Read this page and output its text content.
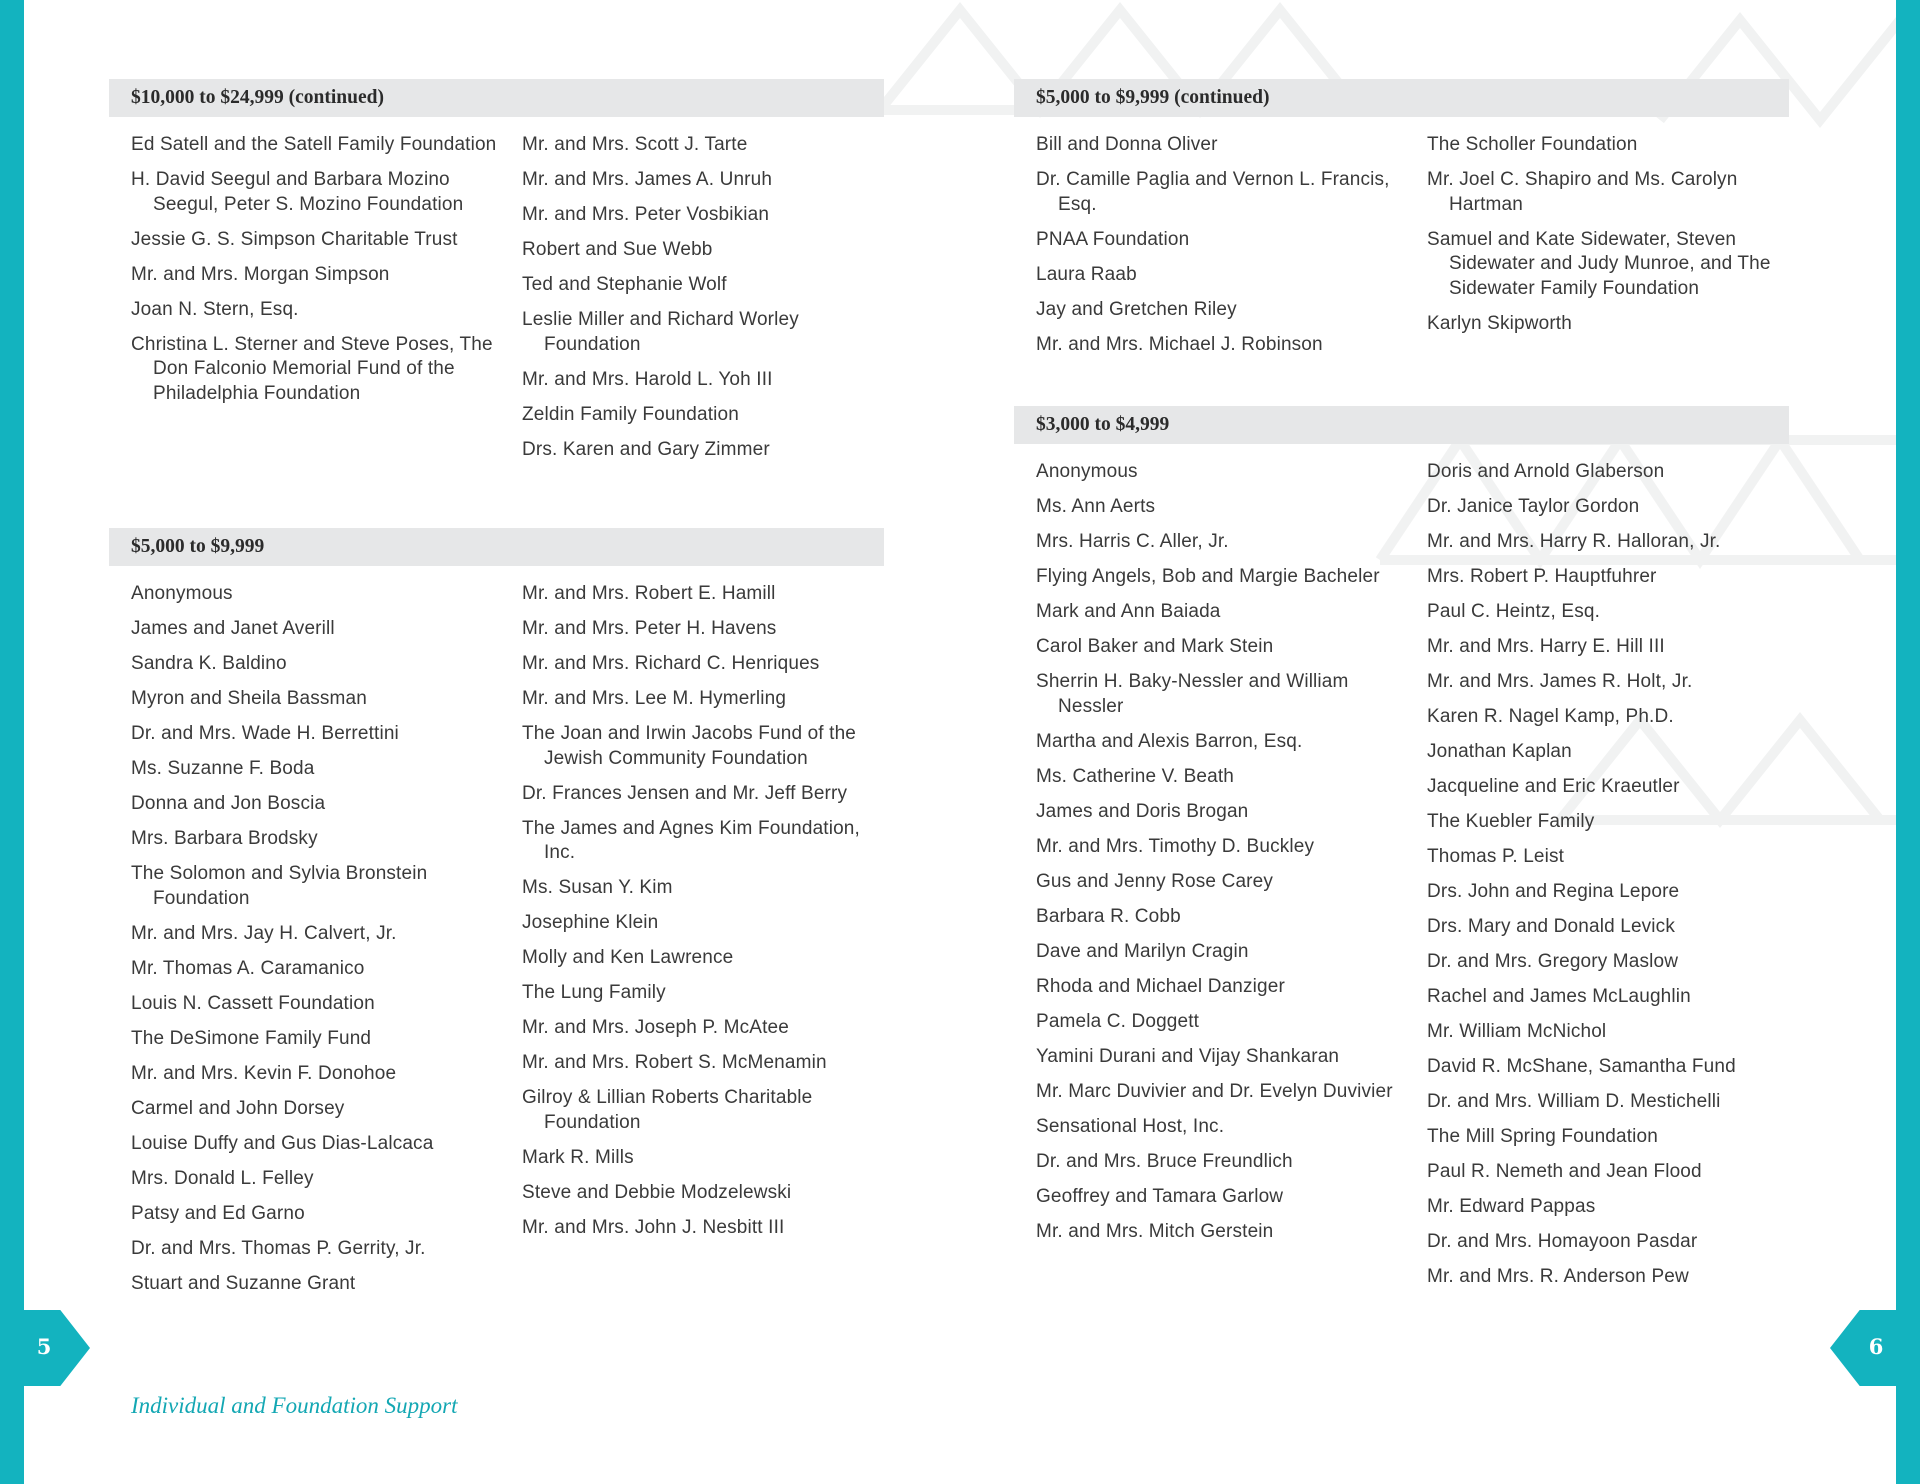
5	6
$10,000 to $24,999 (continued)
Ed Satell and the Satell Family Foundation
H. David Seegul and Barbara Mozino Seegul, Peter S. Mozino Foundation
Jessie G. S. Simpson Charitable Trust
Mr. and Mrs. Morgan Simpson
Joan N. Stern, Esq.
Christina L. Sterner and Steve Poses, The Don Falconio Memorial Fund of the Philadelphia Foundation
Mr. and Mrs. Scott J. Tarte
Mr. and Mrs. James A. Unruh
Mr. and Mrs. Peter Vosbikian
Robert and Sue Webb
Ted and Stephanie Wolf
Leslie Miller and Richard Worley Foundation
Mr. and Mrs. Harold L. Yoh III
Zeldin Family Foundation
Drs. Karen and Gary Zimmer
$5,000 to $9,999
Anonymous
James and Janet Averill
Sandra K. Baldino
Myron and Sheila Bassman
Dr. and Mrs. Wade H. Berrettini
Ms. Suzanne F. Boda
Donna and Jon Boscia
Mrs. Barbara Brodsky
The Solomon and Sylvia Bronstein Foundation
Mr. and Mrs. Jay H. Calvert, Jr.
Mr. Thomas A. Caramanico
Louis N. Cassett Foundation
The DeSimone Family Fund
Mr. and Mrs. Kevin F. Donohoe
Carmel and John Dorsey
Louise Duffy and Gus Dias-Lalcaca
Mrs. Donald L. Felley
Patsy and Ed Garno
Dr. and Mrs. Thomas P. Gerrity, Jr.
Stuart and Suzanne Grant
Mr. and Mrs. Robert E. Hamill
Mr. and Mrs. Peter H. Havens
Mr. and Mrs. Richard C. Henriques
Mr. and Mrs. Lee M. Hymerling
The Joan and Irwin Jacobs Fund of the Jewish Community Foundation
Dr. Frances Jensen and Mr. Jeff Berry
The James and Agnes Kim Foundation, Inc.
Ms. Susan Y. Kim
Josephine Klein
Molly and Ken Lawrence
The Lung Family
Mr. and Mrs. Joseph P. McAtee
Mr. and Mrs. Robert S. McMenamin
Gilroy & Lillian Roberts Charitable Foundation
Mark R. Mills
Steve and Debbie Modzelewski
Mr. and Mrs. John J. Nesbitt III
$5,000 to $9,999 (continued)
Bill and Donna Oliver
Dr. Camille Paglia and Vernon L. Francis, Esq.
PNAA Foundation
Laura Raab
Jay and Gretchen Riley
Mr. and Mrs. Michael J. Robinson
The Scholler Foundation
Mr. Joel C. Shapiro and Ms. Carolyn Hartman
Samuel and Kate Sidewater, Steven Sidewater and Judy Munroe, and The Sidewater Family Foundation
Karlyn Skipworth
$3,000 to $4,999
Anonymous
Ms. Ann Aerts
Mrs. Harris C. Aller, Jr.
Flying Angels, Bob and Margie Bacheler
Mark and Ann Baiada
Carol Baker and Mark Stein
Sherrin H. Baky-Nessler and William Nessler
Martha and Alexis Barron, Esq.
Ms. Catherine V. Beath
James and Doris Brogan
Mr. and Mrs. Timothy D. Buckley
Gus and Jenny Rose Carey
Barbara R. Cobb
Dave and Marilyn Cragin
Rhoda and Michael Danziger
Pamela C. Doggett
Yamini Durani and Vijay Shankaran
Mr. Marc Duvivier and Dr. Evelyn Duvivier
Sensational Host, Inc.
Dr. and Mrs. Bruce Freundlich
Geoffrey and Tamara Garlow
Mr. and Mrs. Mitch Gerstein
Doris and Arnold Glaberson
Dr. Janice Taylor Gordon
Mr. and Mrs. Harry R. Halloran, Jr.
Mrs. Robert P. Hauptfuhrer
Paul C. Heintz, Esq.
Mr. and Mrs. Harry E. Hill III
Mr. and Mrs. James R. Holt, Jr.
Karen R. Nagel Kamp, Ph.D.
Jonathan Kaplan
Jacqueline and Eric Kraeutler
The Kuebler Family
Thomas P. Leist
Drs. John and Regina Lepore
Drs. Mary and Donald Levick
Dr. and Mrs. Gregory Maslow
Rachel and James McLaughlin
Mr. William McNichol
David R. McShane, Samantha Fund
Dr. and Mrs. William D. Mestichelli
The Mill Spring Foundation
Paul R. Nemeth and Jean Flood
Mr. Edward Pappas
Dr. and Mrs. Homayoon Pasdar
Mr. and Mrs. R. Anderson Pew
Individual and Foundation Support
